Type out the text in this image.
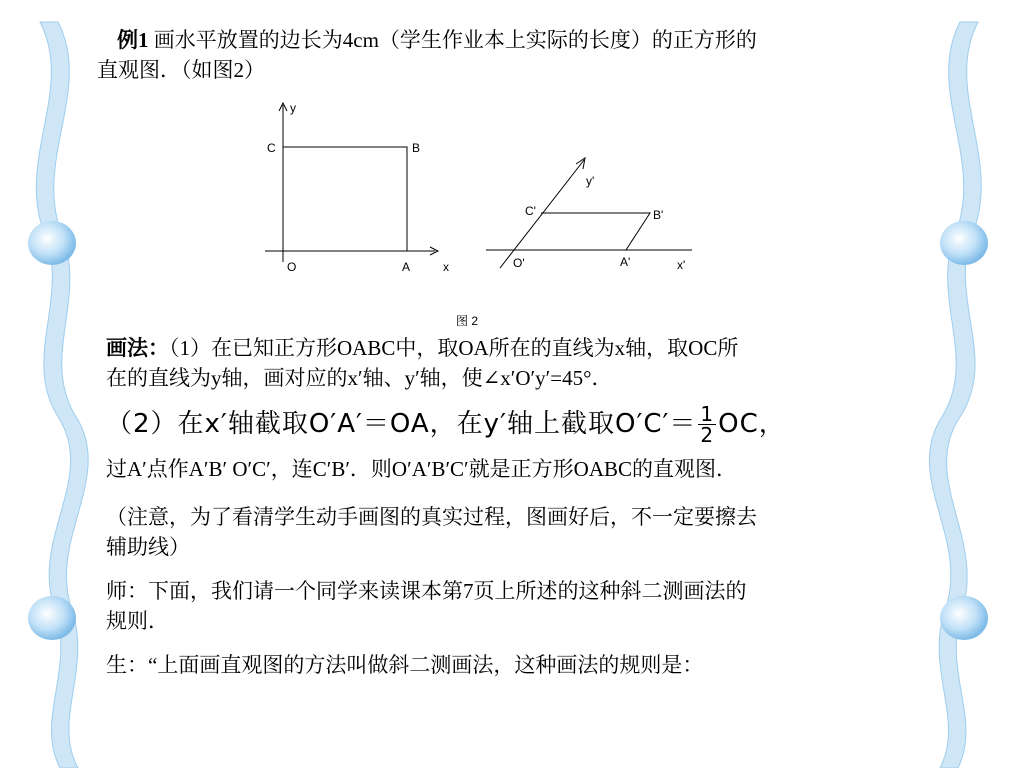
例1 画水平放置的边长为4cm（学生作业本上实际的长度）的正方形的
直观图．（如图2）
y
C	B
O	A	x
y'
C'	B'
O'	A'	x'
图 2
画法：（1）在已知正方形OABC中，取OA所在的直线为x轴，取OC所
在的直线为y轴，画对应的x′轴、y′轴，使∠x′O′y′=45°．
（2）在x′轴截取O′A′＝OA，在y′轴上截取$O'C'= \frac{1}{2}$ OC，
过A′点作A′B′ O′C′，连C′B′．则O′A′B′C′就是正方形OABC的直观图．
（注意，为了看清学生动手画图的真实过程，图画好后，不一定要擦去
辅助线）
师：下面，我们请一个同学来读课本第7页上所述的这种斜二测画法的
规则．
生：“上面画直观图的方法叫做斜二测画法，这种画法的规则是：
